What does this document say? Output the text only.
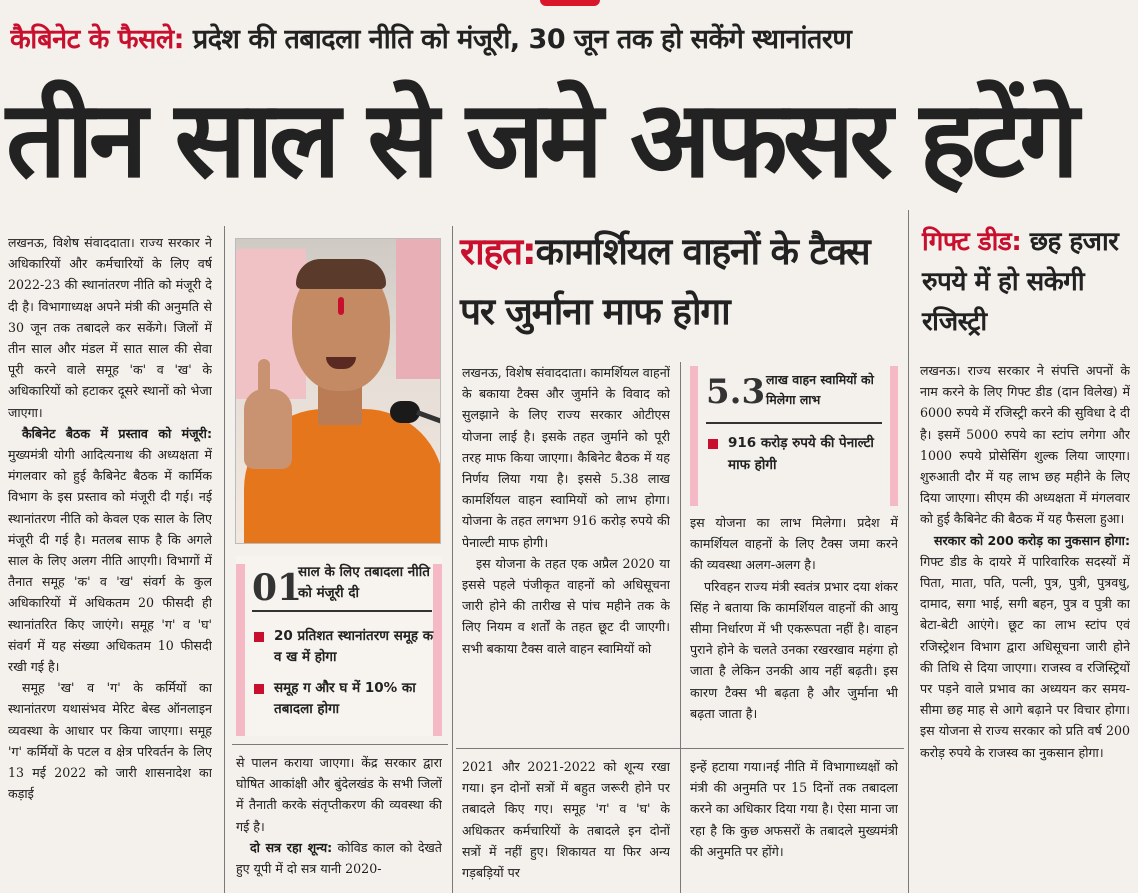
कैबिनेट के फैसले: प्रदेश की तबादला नीति को मंजूरी, 30 जून तक हो सकेंगे स्थानांतरण
तीन साल से जमे अफसर हटेंगे

लखनऊ, विशेष संवाददाता। राज्य सरकार ने अधिकारियों और कर्मचारियों के लिए वर्ष 2022-23 की स्थानांतरण नीति को मंजूरी दे दी है। विभागाध्यक्ष अपने मंत्री की अनुमति से 30 जून तक तबादले कर सकेंगे। जिलों में तीन साल और मंडल में सात साल की सेवा पूरी करने वाले समूह 'क' व 'ख' के अधिकारियों को हटाकर दूसरे स्थानों को भेजा जाएगा।

कैबिनेट बैठक में प्रस्ताव को मंजूरी: मुख्यमंत्री योगी आदित्यनाथ की अध्यक्षता में मंगलवार को हुई कैबिनेट बैठक में कार्मिक विभाग के इस प्रस्ताव को मंजूरी दी गई। नई स्थानांतरण नीति को केवल एक साल के लिए मंजूरी दी गई है। मतलब साफ है कि अगले साल के लिए अलग नीति आएगी। विभागों में तैनात समूह 'क' व 'ख' संवर्ग के कुल अधिकारियों में अधिकतम 20 फीसदी ही स्थानांतरित किए जाएंगे। समूह 'ग' व 'घ' संवर्ग में यह संख्या अधिकतम 10 फीसदी रखी गई है।

समूह 'ख' व 'ग' के कर्मियों का स्थानांतरण यथासंभव मेरिट बेस्ड ऑनलाइन व्यवस्था के आधार पर किया जाएगा। समूह 'ग' कर्मियों के पटल व क्षेत्र परिवर्तन के लिए 13 मई 2022 को जारी शासनादेश का कड़ाई

01
साल के लिए तबादला नीति को मंजूरी दी
20 प्रतिशत स्थानांतरण समूह क व ख में होगा
समूह ग और घ में 10% का तबादला होगा

से पालन कराया जाएगा। केंद्र सरकार द्वारा घोषित आकांक्षी और बुंदेलखंड के सभी जिलों में तैनाती करके संतृप्तीकरण की व्यवस्था की गई है।

दो सत्र रहा शून्य: कोविड काल को देखते हुए यूपी में दो सत्र यानी 2020-

राहत:कामर्शियल वाहनों के टैक्स पर जुर्माना माफ होगा

लखनऊ, विशेष संवाददाता। कामर्शियल वाहनों के बकाया टैक्स और जुर्माने के विवाद को सुलझाने के लिए राज्य सरकार ओटीएस योजना लाई है। इसके तहत जुर्माने को पूरी तरह माफ किया जाएगा। कैबिनेट बैठक में यह निर्णय लिया गया है। इससे 5.38 लाख कामर्शियल वाहन स्वामियों को लाभ होगा। योजना के तहत लगभग 916 करोड़ रुपये की पेनाल्टी माफ होगी।

इस योजना के तहत एक अप्रैल 2020 या इससे पहले पंजीकृत वाहनों को अधिसूचना जारी होने की तारीख से पांच महीने तक के लिए नियम व शर्तों के तहत छूट दी जाएगी। सभी बकाया टैक्स वाले वाहन स्वामियों को

5.3 लाख वाहन स्वामियों को मिलेगा लाभ
916 करोड़ रुपये की पेनाल्टी माफ होगी

इस योजना का लाभ मिलेगा। प्रदेश में कामर्शियल वाहनों के लिए टैक्स जमा करने की व्यवस्था अलग-अलग है।

परिवहन राज्य मंत्री स्वतंत्र प्रभार दया शंकर सिंह ने बताया कि कामर्शियल वाहनों की आयु सीमा निर्धारण में भी एकरूपता नहीं है। वाहन पुराने होने के चलते उनका रखरखाव महंगा हो जाता है लेकिन उनकी आय नहीं बढ़ती। इस कारण टैक्स भी बढ़ता है और जुर्माना भी बढ़ता जाता है।

2021 और 2021-2022 को शून्य रखा गया। इन दोनों सत्रों में बहुत जरूरी होने पर तबादले किए गए। समूह 'ग' व 'घ' के अधिकतर कर्मचारियों के तबादले इन दोनों सत्रों में नहीं हुए। शिकायत या फिर अन्य गड़बड़ियों पर

इन्हें हटाया गया।नई नीति में विभागाध्यक्षों को मंत्री की अनुमति पर 15 दिनों तक तबादला करने का अधिकार दिया गया है। ऐसा माना जा रहा है कि कुछ अफसरों के तबादले मुख्यमंत्री की अनुमति पर होंगे।

गिफ्ट डीड: छह हजार रुपये में हो सकेगी रजिस्ट्री

लखनऊ। राज्य सरकार ने संपत्ति अपनों के नाम करने के लिए गिफ्ट डीड (दान विलेख) में 6000 रुपये में रजिस्ट्री करने की सुविधा दे दी है। इसमें 5000 रुपये का स्टांप लगेगा और 1000 रुपये प्रोसेसिंग शुल्क लिया जाएगा। शुरुआती दौर में यह लाभ छह महीने के लिए दिया जाएगा। सीएम की अध्यक्षता में मंगलवार को हुई कैबिनेट की बैठक में यह फैसला हुआ।

सरकार को 200 करोड़ का नुकसान होगा: गिफ्ट डीड के दायरे में पारिवारिक सदस्यों में पिता, माता, पति, पत्नी, पुत्र, पुत्री, पुत्रवधु, दामाद, सगा भाई, सगी बहन, पुत्र व पुत्री का बेटा-बेटी आएंगे। छूट का लाभ स्टांप एवं रजिस्ट्रेशन विभाग द्वारा अधिसूचना जारी होने की तिथि से दिया जाएगा। राजस्व व रजिस्ट्रियों पर पड़ने वाले प्रभाव का अध्ययन कर समय-सीमा छह माह से आगे बढ़ाने पर विचार होगा। इस योजना से राज्य सरकार को प्रति वर्ष 200 करोड़ रुपये के राजस्व का नुकसान होगा।
